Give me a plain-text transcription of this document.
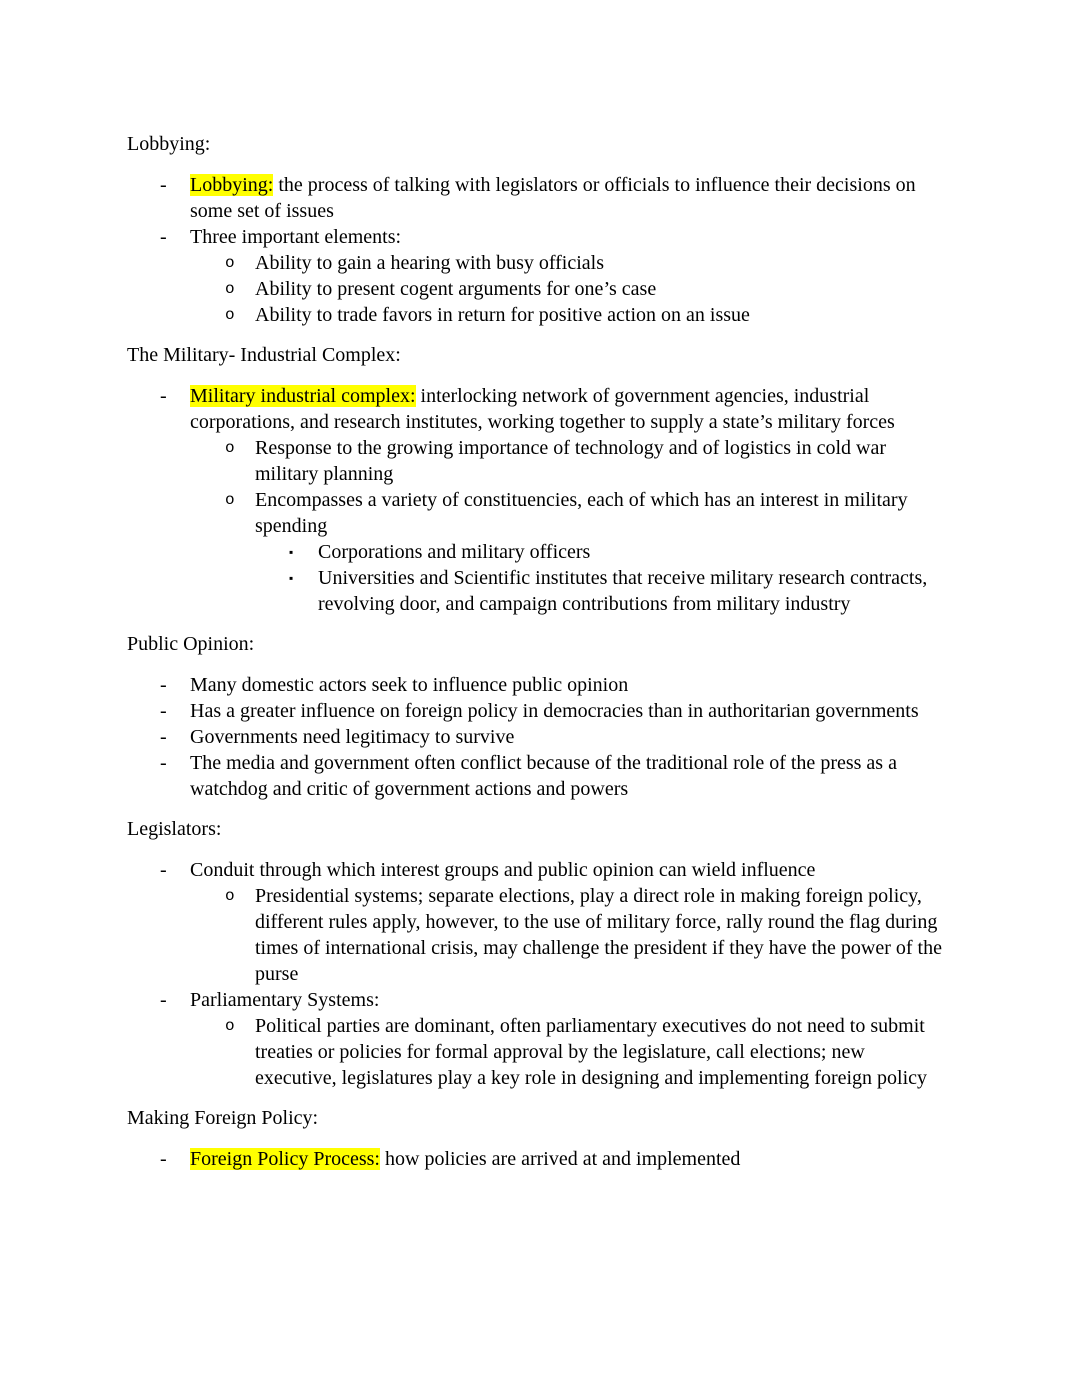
Lobbying:
-	Lobbying: the process of talking with legislators or officials to influence their decisions on some set of issues
-	Three important elements:
o	Ability to gain a hearing with busy officials
o	Ability to present cogent arguments for one’s case
o	Ability to trade favors in return for positive action on an issue
The Military- Industrial Complex:
-	Military industrial complex: interlocking network of government agencies, industrial corporations, and research institutes, working together to supply a state’s military forces
o	Response to the growing importance of technology and of logistics in cold war military planning
o	Encompasses a variety of constituencies, each of which has an interest in military spending
▪	Corporations and military officers
▪	Universities and Scientific institutes that receive military research contracts, revolving door, and campaign contributions from military industry
Public Opinion:
-	Many domestic actors seek to influence public opinion
-	Has a greater influence on foreign policy in democracies than in authoritarian governments
-	Governments need legitimacy to survive
-	The media and government often conflict because of the traditional role of the press as a watchdog and critic of government actions and powers
Legislators:
-	Conduit through which interest groups and public opinion can wield influence
o	Presidential systems; separate elections, play a direct role in making foreign policy, different rules apply, however, to the use of military force, rally round the flag during times of international crisis, may challenge the president if they have the power of the purse
-	Parliamentary Systems:
o	Political parties are dominant, often parliamentary executives do not need to submit treaties or policies for formal approval by the legislature, call elections; new executive, legislatures play a key role in designing and implementing foreign policy
Making Foreign Policy:
-	Foreign Policy Process: how policies are arrived at and implemented
